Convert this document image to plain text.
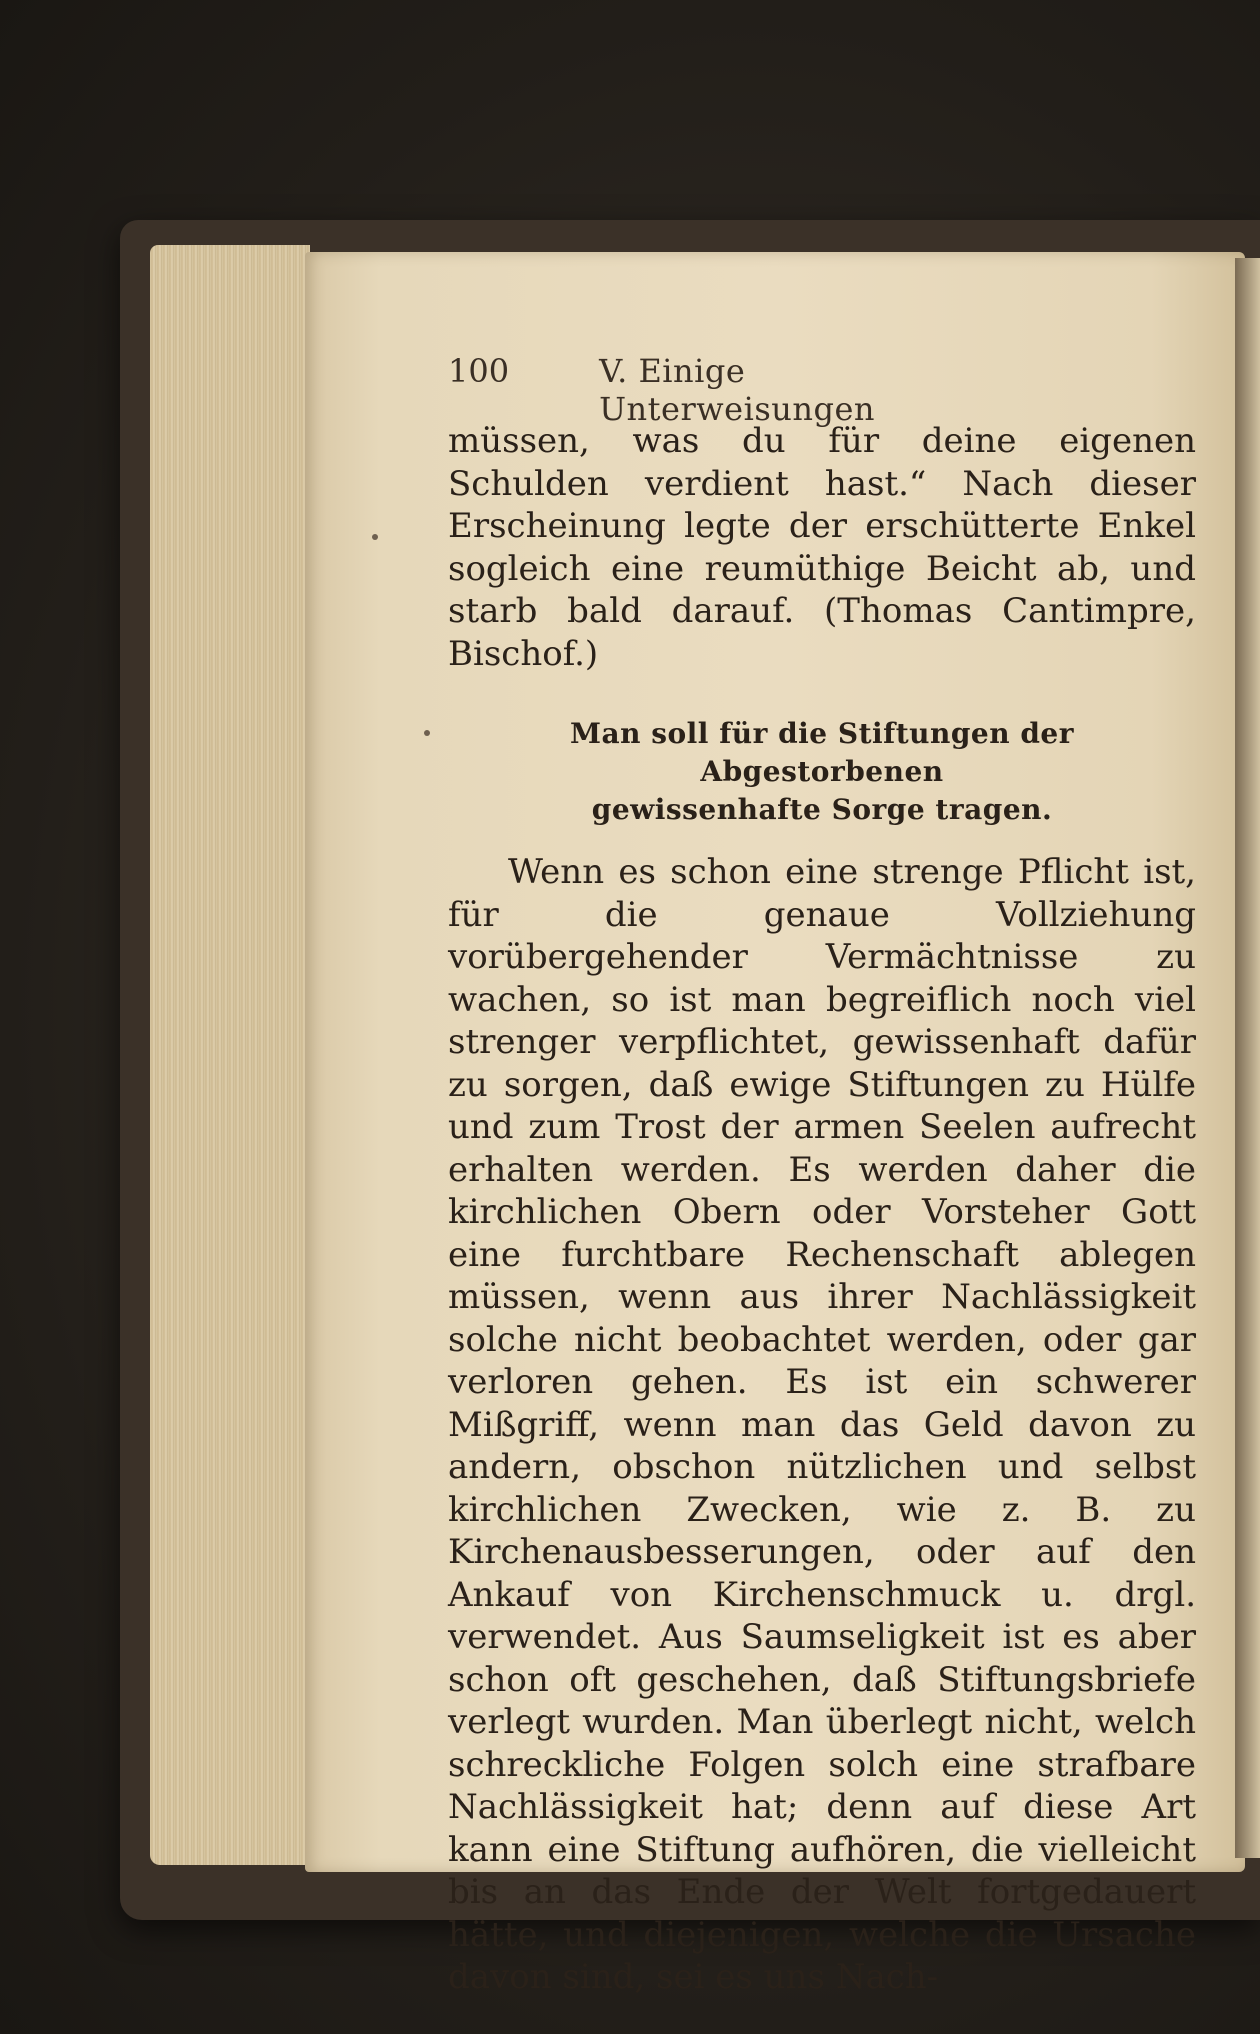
100	V. Einige Unterweisungen

müssen, was du für deine eigenen Schulden verdient hast.“ Nach dieser Erscheinung legte der erschütterte Enkel sogleich eine reumüthige Beicht ab, und starb bald darauf. (Thomas Cantimpre, Bischof.)

Man soll für die Stiftungen der Abgestorbenen
gewissenhafte Sorge tragen.

Wenn es schon eine strenge Pflicht ist, für die genaue Vollziehung vorübergehender Vermächtnisse zu wachen, so ist man begreiflich noch viel strenger verpflichtet, gewissenhaft dafür zu sorgen, daß ewige Stiftungen zu Hülfe und zum Trost der armen Seelen aufrecht erhalten werden. Es werden daher die kirchlichen Obern oder Vorsteher Gott eine furchtbare Rechenschaft ablegen müssen, wenn aus ihrer Nachlässigkeit solche nicht beobachtet werden, oder gar verloren gehen. Es ist ein schwerer Mißgriff, wenn man das Geld davon zu andern, obschon nützlichen und selbst kirchlichen Zwecken, wie z. B. zu Kirchenausbesserungen, oder auf den Ankauf von Kirchenschmuck u. drgl. verwendet. Aus Saumseligkeit ist es aber schon oft geschehen, daß Stiftungsbriefe verlegt wurden. Man überlegt nicht, welch schreckliche Folgen solch eine strafbare Nachlässigkeit hat; denn auf diese Art kann eine Stiftung aufhören, die vielleicht bis an das Ende der Welt fortgedauert hätte, und diejenigen, welche die Ursache davon sind, sei es uns Nach-
